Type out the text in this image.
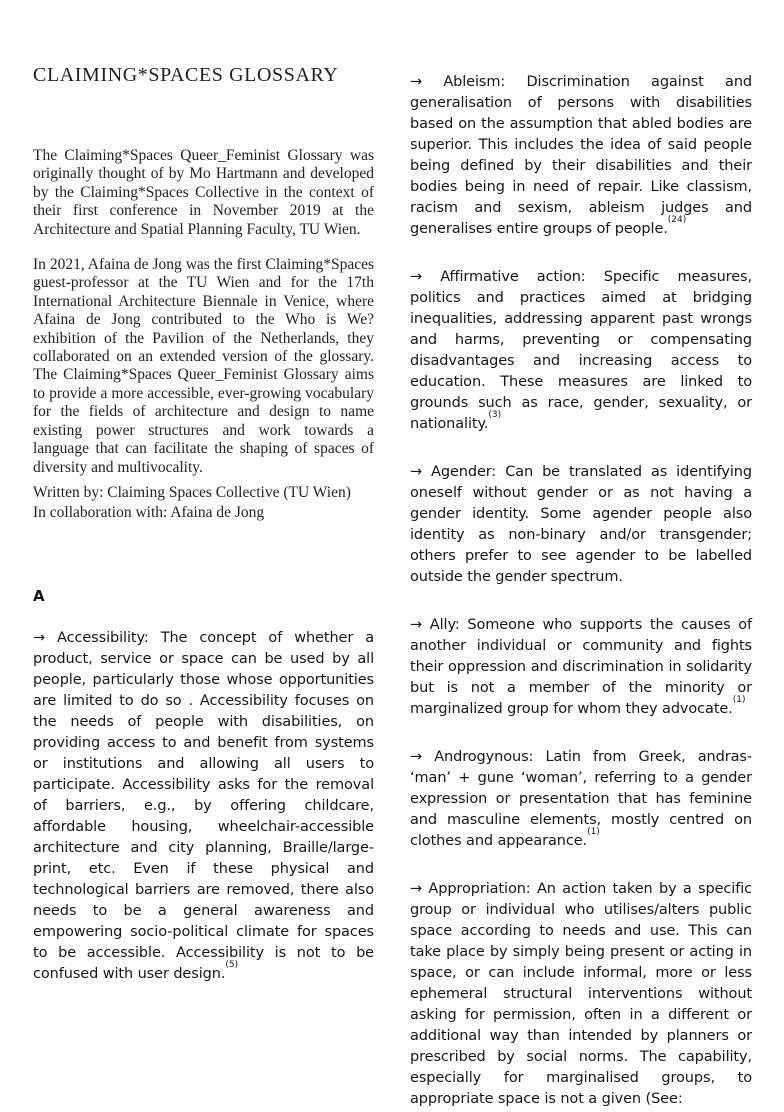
CLAIMING*SPACES GLOSSARY

The Claiming*Spaces Queer_Feminist Glossary was originally thought of by Mo Hartmann and developed by the Claiming*Spaces Collective in the context of their first conference in November 2019 at the Architecture and Spatial Planning Faculty, TU Wien.

In 2021, Afaina de Jong was the first Claiming*Spaces guest-professor at the TU Wien and for the 17th International Architecture Biennale in Venice, where Afaina de Jong contributed to the Who is We? exhibition of the Pavilion of the Netherlands, they collaborated on an extended version of the glossary. The Claiming*Spaces Queer_Feminist Glossary aims to provide a more accessible, ever-growing vocabulary for the fields of architecture and design to name existing power structures and work towards a language that can facilitate the shaping of spaces of diversity and multivocality.

Written by: Claiming Spaces Collective (TU Wien)
In collaboration with: Afaina de Jong
A

→ Accessibility: The concept of whether a product, service or space can be used by all people, particularly those whose opportunities are limited to do so . Accessibility focuses on the needs of people with disabilities, on providing access to and benefit from systems or institutions and allowing all users to participate. Accessibility asks for the removal of barriers, e.g., by offering childcare, affordable housing, wheelchair-accessible architecture and city planning, Braille/large-print, etc. Even if these physical and technological barriers are removed, there also needs to be a general awareness and empowering socio-political climate for spaces to be accessible. Accessibility is not to be confused with user design.$^{(5)}$

→ Ableism: Discrimination against and generalisation of persons with disabilities based on the assumption that abled bodies are superior. This includes the idea of said people being defined by their disabilities and their bodies being in need of repair. Like classism, racism and sexism, ableism judges and generalises entire groups of people.$^{(24)}$

→ Affirmative action: Specific measures, politics and practices aimed at bridging inequalities, addressing apparent past wrongs and harms, preventing or compensating disadvantages and increasing access to education. These measures are linked to grounds such as race, gender, sexuality, or nationality.$^{(3)}$

→ Agender: Can be translated as identifying oneself without gender or as not having a gender identity. Some agender people also identity as non-binary and/or transgender; others prefer to see agender to be labelled outside the gender spectrum.

→ Ally: Someone who supports the causes of another individual or community and fights their oppression and discrimination in solidarity but is not a member of the minority or marginalized group for whom they advocate.$^{(1)}$

→ Androgynous: Latin from Greek, andras- ‘man’ + gune ‘woman’, referring to a gender expression or presentation that has feminine and masculine elements, mostly centred on clothes and appearance.$^{(1)}$

→ Appropriation: An action taken by a specific group or individual who utilises/alters public space according to needs and use. This can take place by simply being present or acting in space, or can include informal, more or less ephemeral structural interventions without asking for permission, often in a different or additional way than intended by planners or prescribed by social norms. The capability, especially for marginalised groups, to appropriate space is not a given (See:
